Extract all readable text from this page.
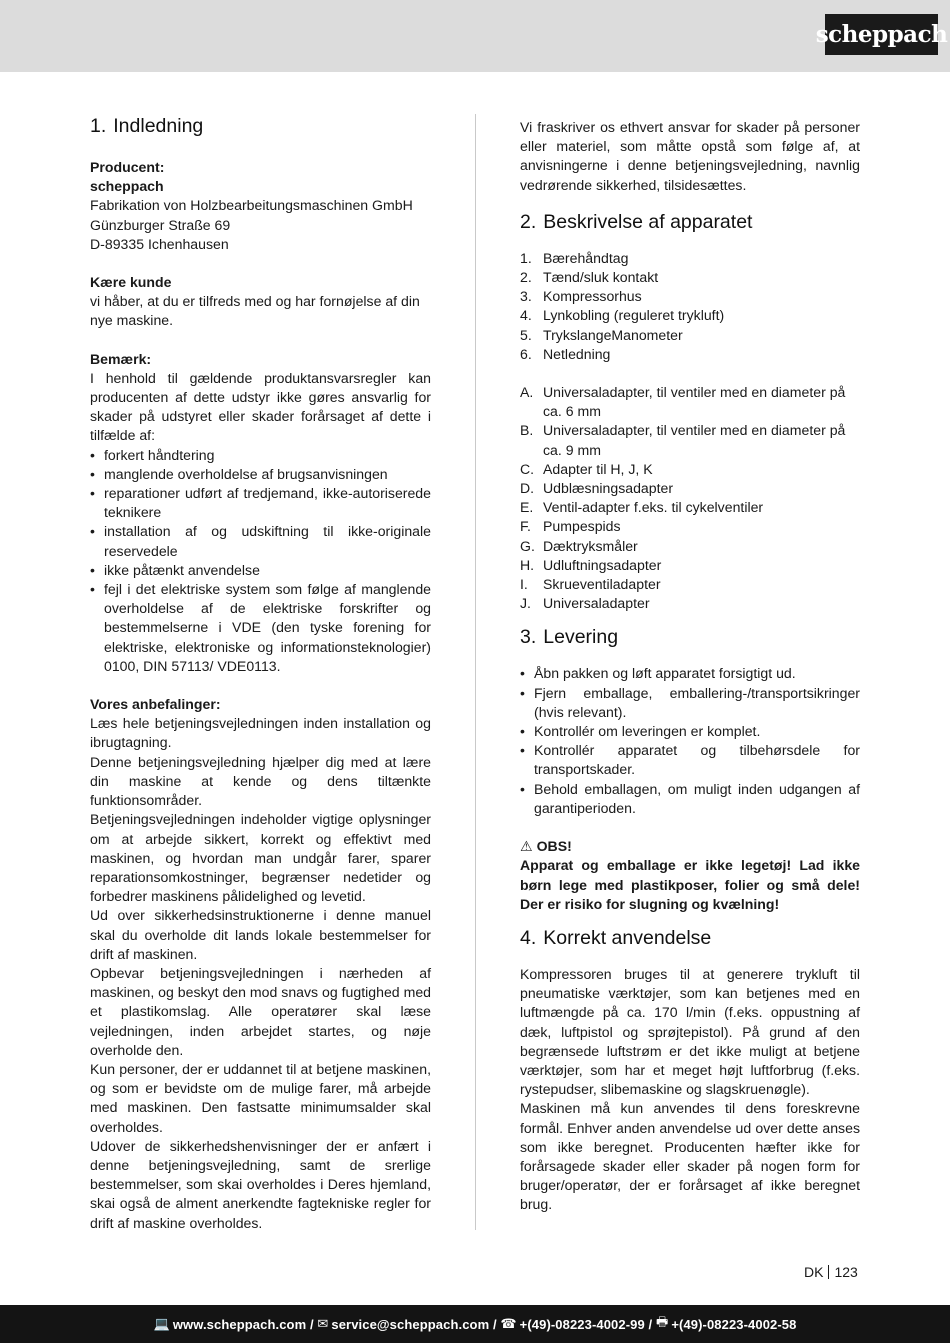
scheppach
1. Indledning

Producent:

scheppach

Fabrikation von Holzbearbeitungsmaschinen GmbH

Günzburger Straße 69

D-89335 Ichenhausen

Kære kunde

vi håber, at du er tilfreds med og har fornøjelse af din nye maskine.

Bemærk:

I henhold til gældende produktansvarsregler kan producenten af dette udstyr ikke gøres ansvarlig for skader på udstyret eller skader forårsaget af dette i tilfælde af:

• forkert håndtering
• manglende overholdelse af brugsanvisningen
• reparationer udført af tredjemand, ikke-autoriserede teknikere
• installation af og udskiftning til ikke-originale reservedele
• ikke påtænkt anvendelse
• fejl i det elektriske system som følge af manglende overholdelse af de elektriske forskrifter og bestemmelserne i VDE (den tyske forening for elektriske, elektroniske og informationsteknologier) 0100, DIN 57113/ VDE0113.

Vores anbefalinger:

Læs hele betjeningsvejledningen inden installation og ibrugtagning.

Denne betjeningsvejledning hjælper dig med at lære din maskine at kende og dens tiltænkte funktionsområder.

Betjeningsvejledningen indeholder vigtige oplysninger om at arbejde sikkert, korrekt og effektivt med maskinen, og hvordan man undgår farer, sparer reparationsomkostninger, begrænser nedetider og forbedrer maskinens pålidelighed og levetid.

Ud over sikkerhedsinstruktionerne i denne manuel skal du overholde dit lands lokale bestemmelser for drift af maskinen.

Opbevar betjeningsvejledningen i nærheden af maskinen, og beskyt den mod snavs og fugtighed med et plastikomslag. Alle operatører skal læse vejledningen, inden arbejdet startes, og nøje overholde den.

Kun personer, der er uddannet til at betjene maskinen, og som er bevidste om de mulige farer, må arbejde med maskinen. Den fastsatte minimumsalder skal overholdes.

Udover de sikkerhedshenvisninger der er anfært i denne betjeningsvejledning, samt de srerlige bestemmelser, som skai overholdes i Deres hjemland, skai også de alment anerkendte fagtekniske regler for drift af maskine overholdes.

Vi fraskriver os ethvert ansvar for skader på personer eller materiel, som måtte opstå som følge af, at anvisningerne i denne betjeningsvejledning, navnlig vedrørende sikkerhed, tilsidesættes.

2. Beskrivelse af apparatet
1. Bærehåndtag
2. Tænd/sluk kontakt
3. Kompressorhus
4. Lynkobling (reguleret trykluft)
5. TrykslangeManometer
6. Netledning
A. Universaladapter, til ventiler med en diameter på ca. 6 mm
B. Universaladapter, til ventiler med en diameter på ca. 9 mm
C. Adapter til H, J, K
D. Udblæsningsadapter
E. Ventil-adapter f.eks. til cykelventiler
F. Pumpespids
G. Dæktryksmåler
H. Udluftningsadapter
I. Skrueventiladapter
J. Universaladapter
3. Levering
• Åbn pakken og løft apparatet forsigtigt ud.
• Fjern emballage, emballering-/transportsikringer (hvis relevant).
• Kontrollér om leveringen er komplet.
• Kontrollér apparatet og tilbehørsdele for transportskader.
• Behold emballagen, om muligt inden udgangen af garantiperioden.

⚠ OBS!

Apparat og emballage er ikke legetøj! Lad ikke børn lege med plastikposer, folier og små dele! Der er risiko for slugning og kvælning!

4. Korrekt anvendelse

Kompressoren bruges til at generere trykluft til pneumatiske værktøjer, som kan betjenes med en luftmængde på ca. 170 l/min (f.eks. oppustning af dæk, luftpistol og sprøjtepistol). På grund af den begrænsede luftstrøm er det ikke muligt at betjene værktøjer, som har et meget højt luftforbrug (f.eks. rystepudser, slibemaskine og slagskruenøgle).

Maskinen må kun anvendes til dens foreskrevne formål. Enhver anden anvendelse ud over dette anses som ikke beregnet. Producenten hæfter ikke for forårsagede skader eller skader på nogen form for bruger/operatør, der er forårsaget af ikke beregnet brug.

DK 123
💻 www.scheppach.com /
✉ service@scheppach.com /
☎ +(49)-08223-4002-99 /
🖶 +(49)-08223-4002-58
